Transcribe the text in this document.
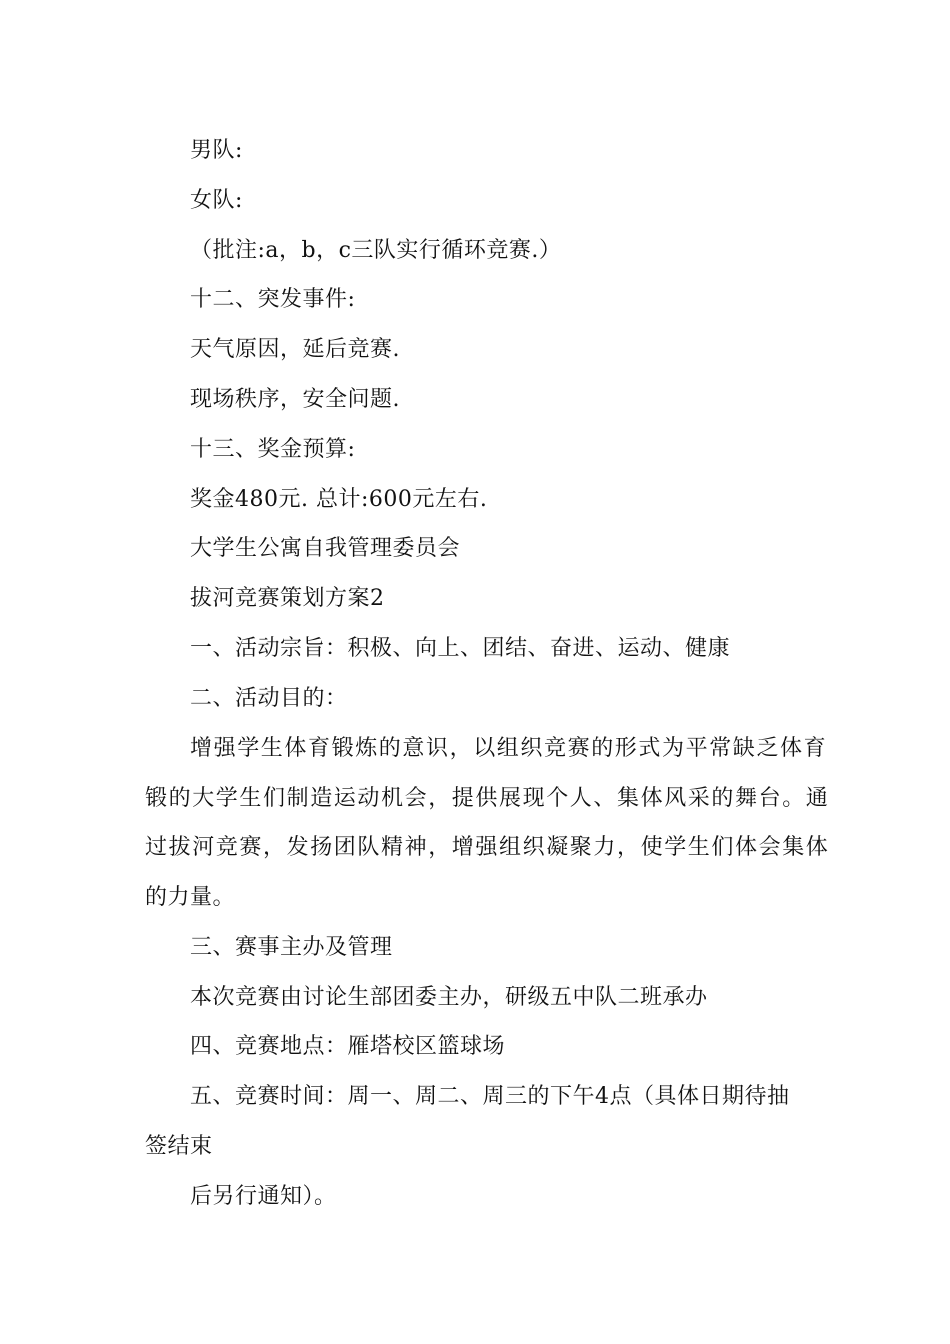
男队:
女队:
（批注:a，b，c三队实行循环竞赛.）
十二、突发事件:
天气原因，延后竞赛.
现场秩序，安全问题.
十三、奖金预算:
奖金480元. 总计:600元左右.
大学生公寓自我管理委员会
拔河竞赛策划方案2
一、活动宗旨：积极、向上、团结、奋进、运动、健康
二、活动目的：
增强学生体育锻炼的意识，以组织竞赛的形式为平常缺乏体育
锻的大学生们制造运动机会，提供展现个人、集体风采的舞台。通
过拔河竞赛，发扬团队精神，增强组织凝聚力，使学生们体会集体
的力量。
三、赛事主办及管理
本次竞赛由讨论生部团委主办，研级五中队二班承办
四、竞赛地点：雁塔校区篮球场
五、竞赛时间：周一、周二、周三的下午4点（具体日期待抽
签结束
后另行通知）。
